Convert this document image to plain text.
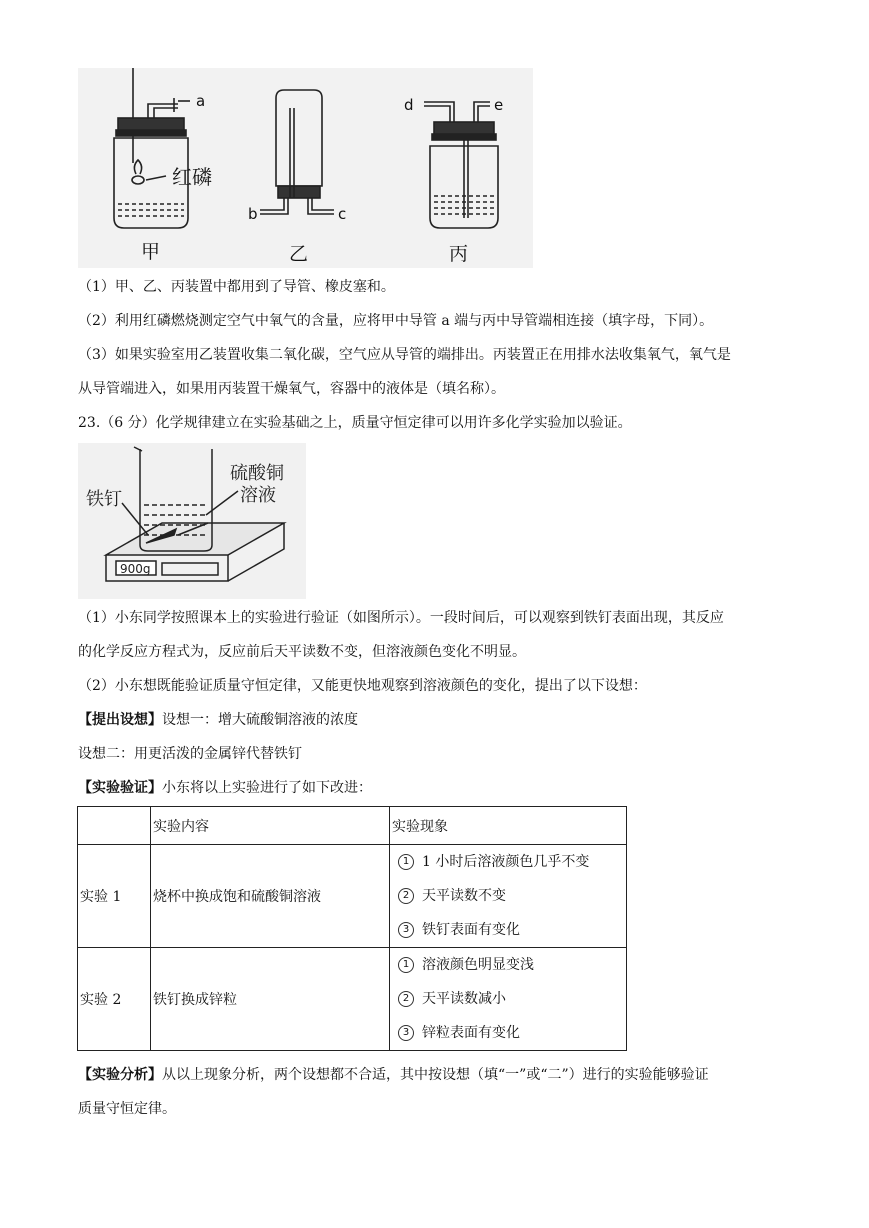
a
红磷
b	c
d	e
甲	乙	丙
（1）甲、乙、丙装置中都用到了导管、橡皮塞和。
（2）利用红磷燃烧测定空气中氧气的含量，应将甲中导管 a 端与丙中导管端相连接（填字母，下同）。
（3）如果实验室用乙装置收集二氧化碳，空气应从导管的端排出。丙装置正在用排水法收集氧气，氧气是
从导管端进入，如果用丙装置干燥氧气，容器中的液体是（填名称）。
23.（6 分）化学规律建立在实验基础之上，质量守恒定律可以用许多化学实验加以验证。
硫酸铜
溶液
铁钉
900g
（1）小东同学按照课本上的实验进行验证（如图所示）。一段时间后，可以观察到铁钉表面出现，其反应
的化学反应方程式为，反应前后天平读数不变，但溶液颜色变化不明显。
（2）小东想既能验证质量守恒定律，又能更快地观察到溶液颜色的变化，提出了以下设想：
【提出设想】设想一：增大硫酸铜溶液的浓度
设想二：用更活泼的金属锌代替铁钉
【实验验证】小东将以上实验进行了如下改进：
	实验内容	实验现象
实验 1	烧杯中换成饱和硫酸铜溶液	1 1 小时后溶液颜色几乎不变
2 天平读数不变
3 铁钉表面有变化

实验 2	铁钉换成锌粒	1 溶液颜色明显变浅
2 天平读数减小
3 锌粒表面有变化
【实验分析】从以上现象分析，两个设想都不合适，其中按设想（填“一”或“二”）进行的实验能够验证
质量守恒定律。
